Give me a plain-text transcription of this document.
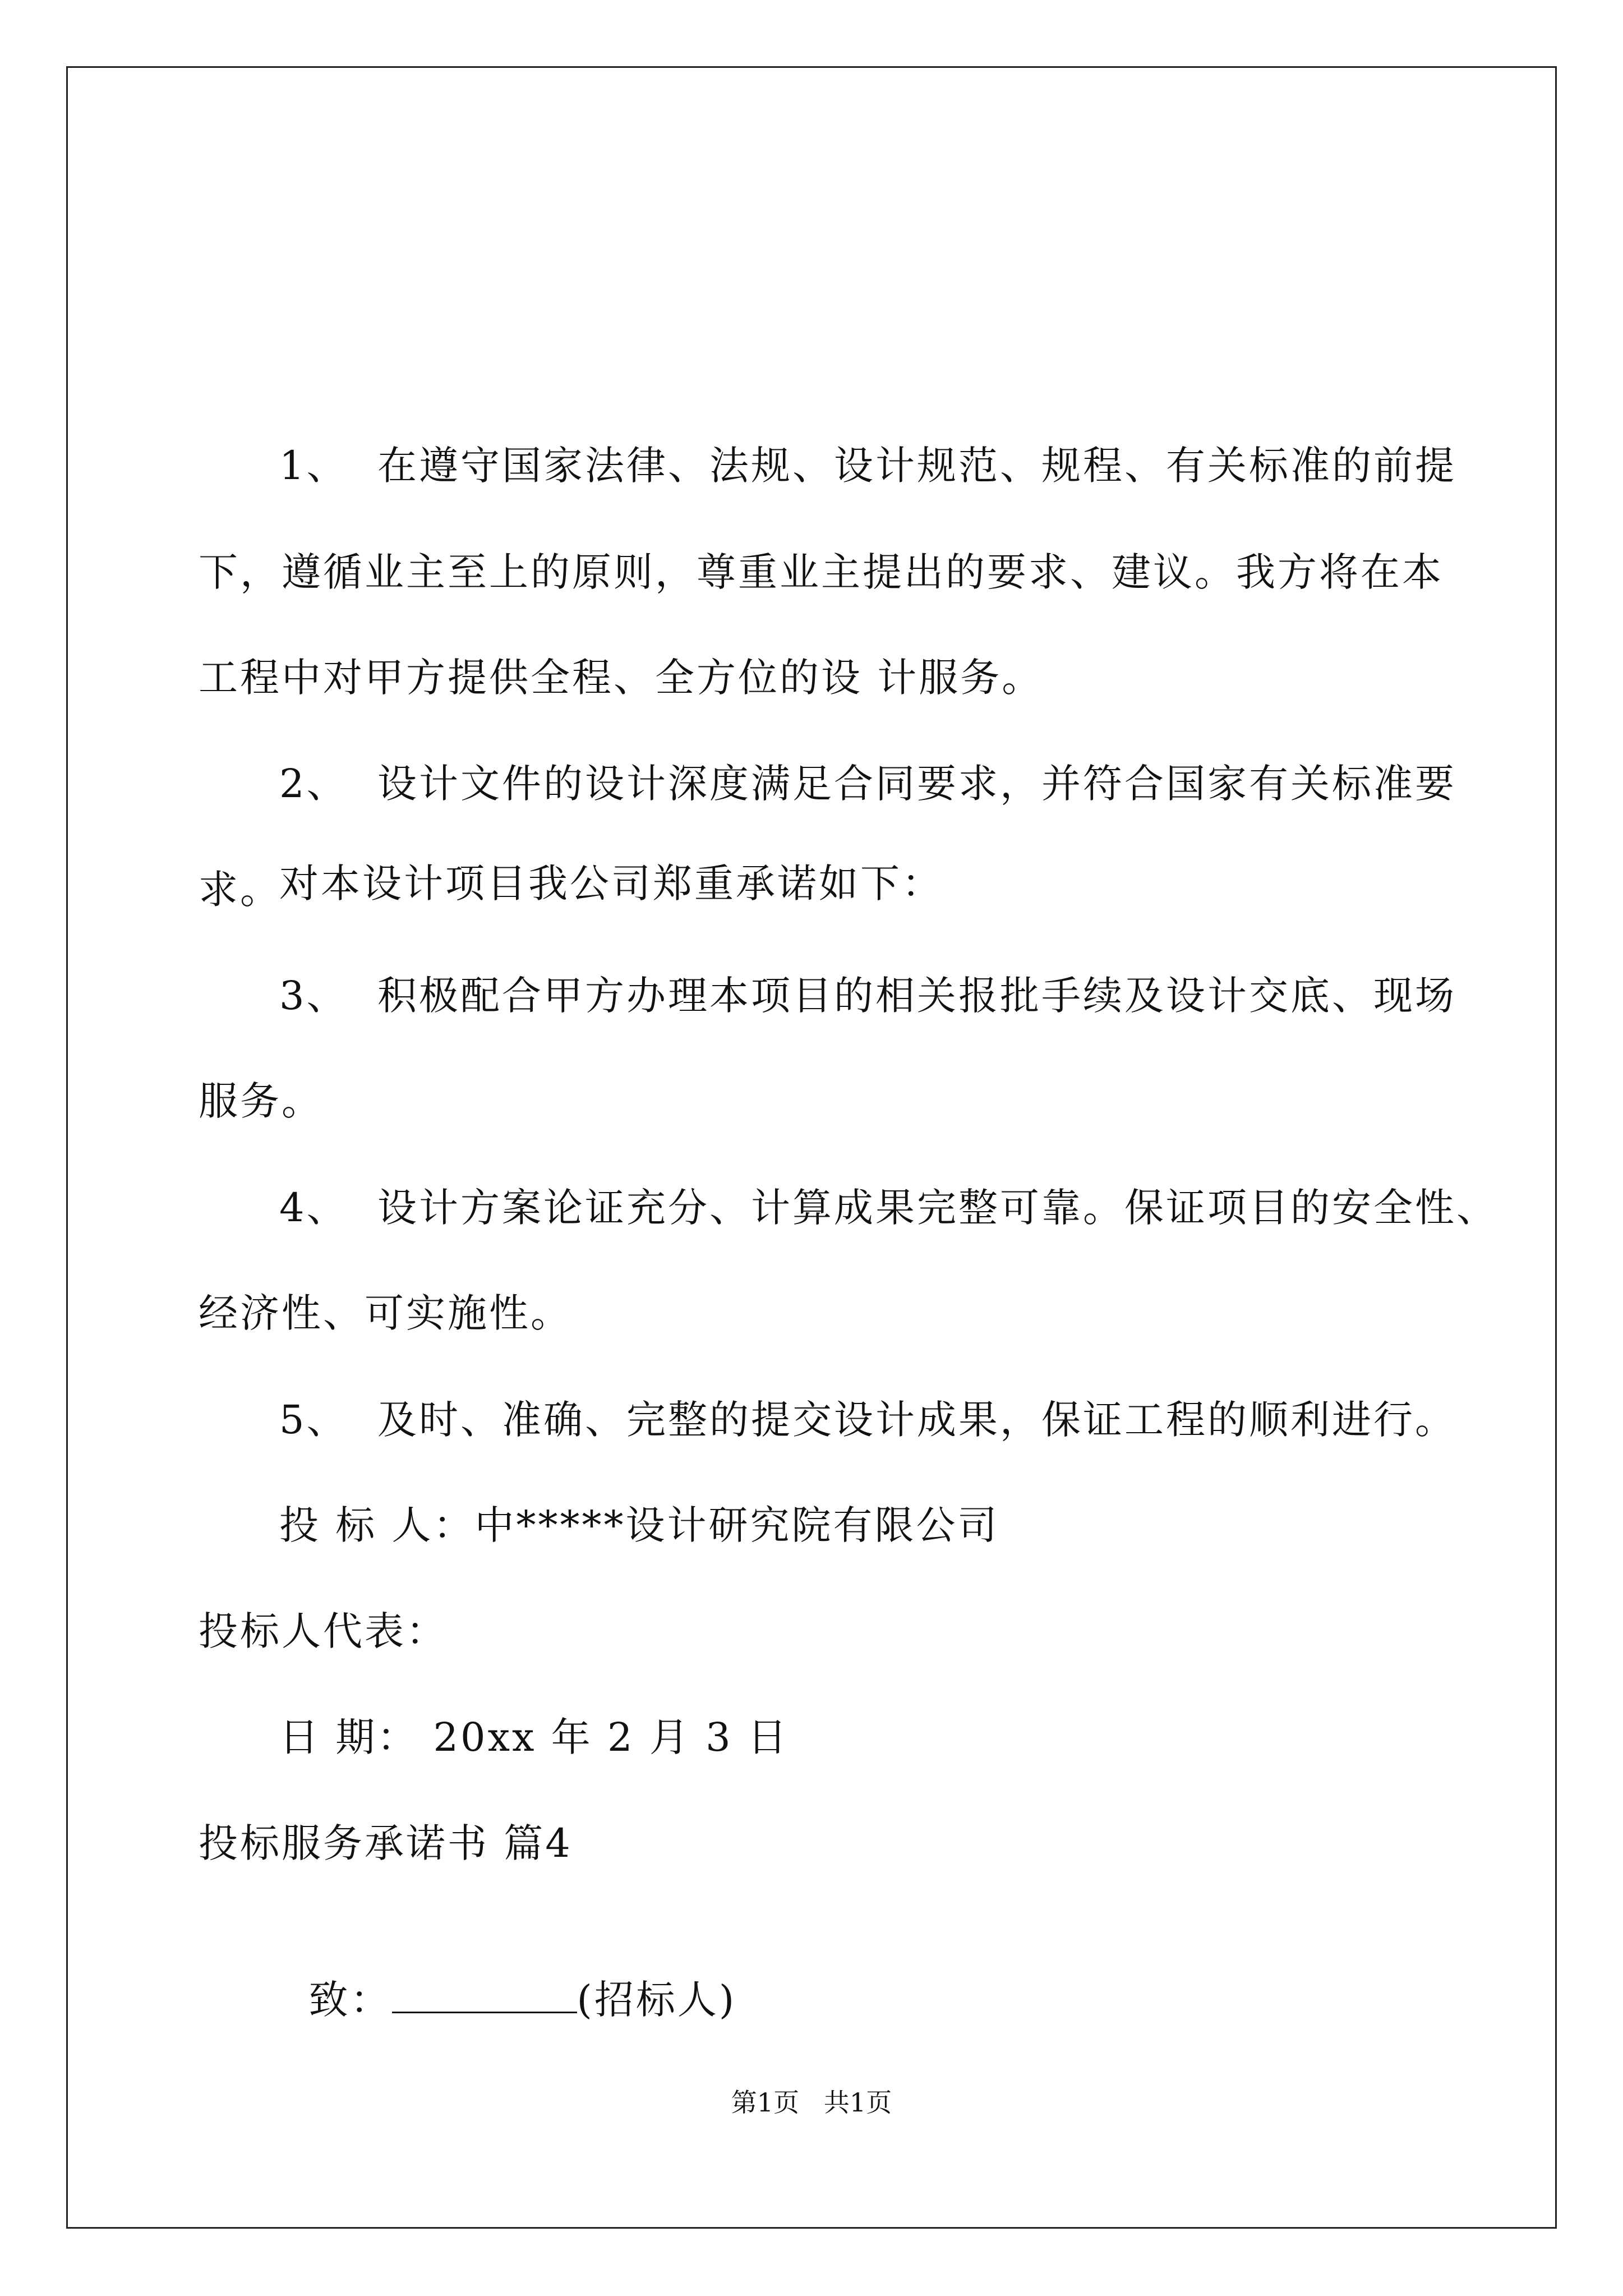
对本设计项目我公司郑重承诺如下：
1、  在遵守国家法律、法规、设计规范、规程、有关标准的前提
下，遵循业主至上的原则，尊重业主提出的要求、建议。我方将在本
工程中对甲方提供全程、全方位的设 计服务。
2、  设计文件的设计深度满足合同要求，并符合国家有关标准要
求。
3、  积极配合甲方办理本项目的相关报批手续及设计交底、现场
服务。
4、  设计方案论证充分、计算成果完整可靠。保证项目的安全性、
经济性、可实施性。
5、  及时、准确、完整的提交设计成果，保证工程的顺利进行。
投 标 人：中*****设计研究院有限公司
投标人代表：
日 期： 20xx 年 2 月 3 日
投标服务承诺书 篇4

致：	(招标人)

第1页   共1页
